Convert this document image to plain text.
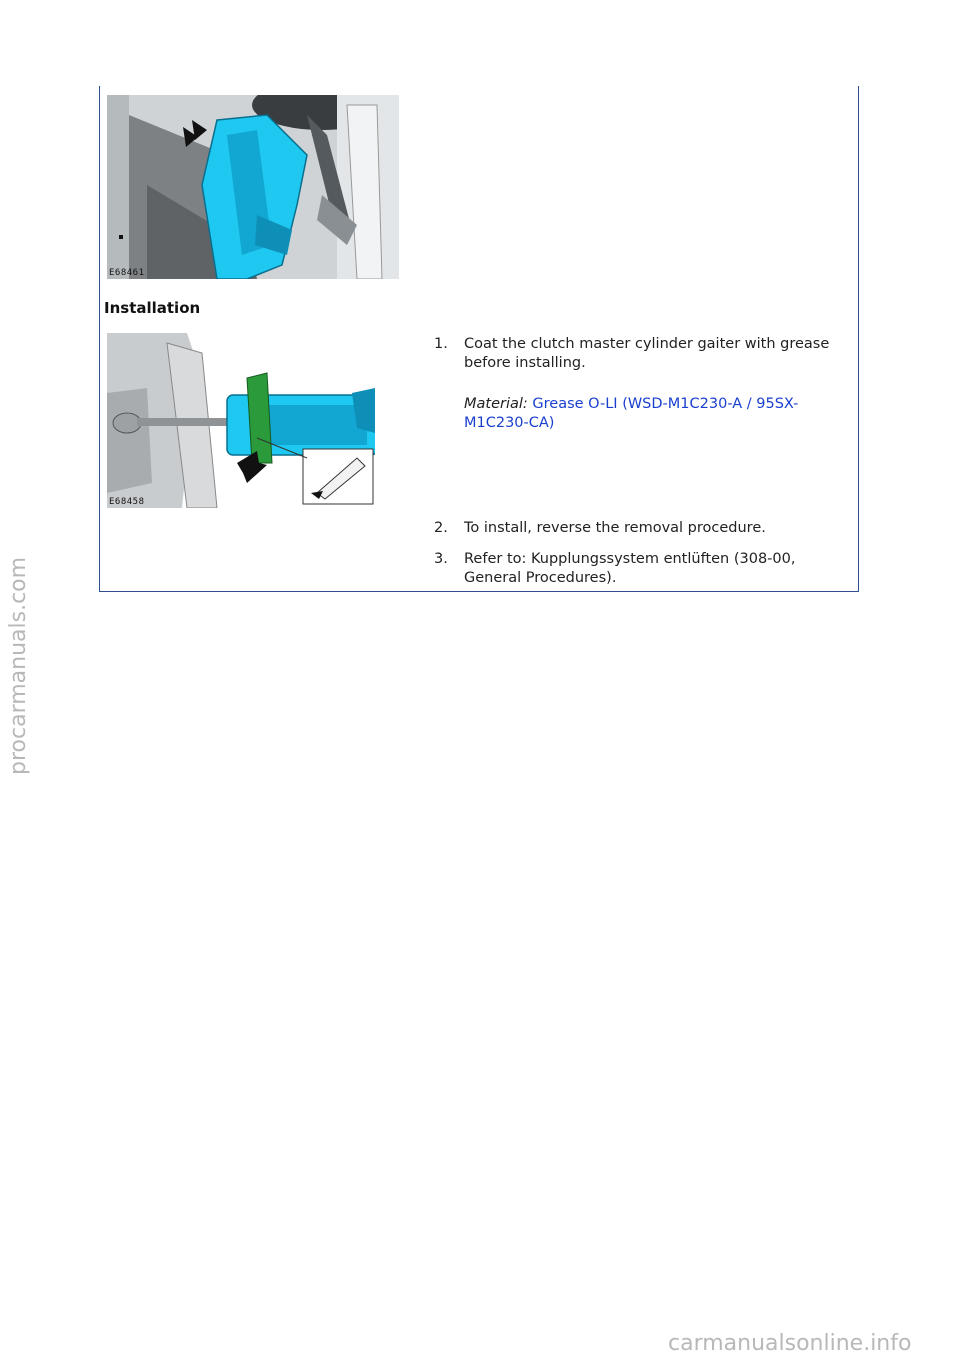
E68461
Installation
E68458
1.	Coat the clutch master cylinder gaiter with grease before installing.
Material: Grease O-LI (WSD-M1C230-A / 95SX-M1C230-CA)
2.	To install, reverse the removal procedure.
3.	Refer to: Kupplungssystem entlüften (308-00, General Procedures).
procarmanuals.com
carmanualsonline.info
